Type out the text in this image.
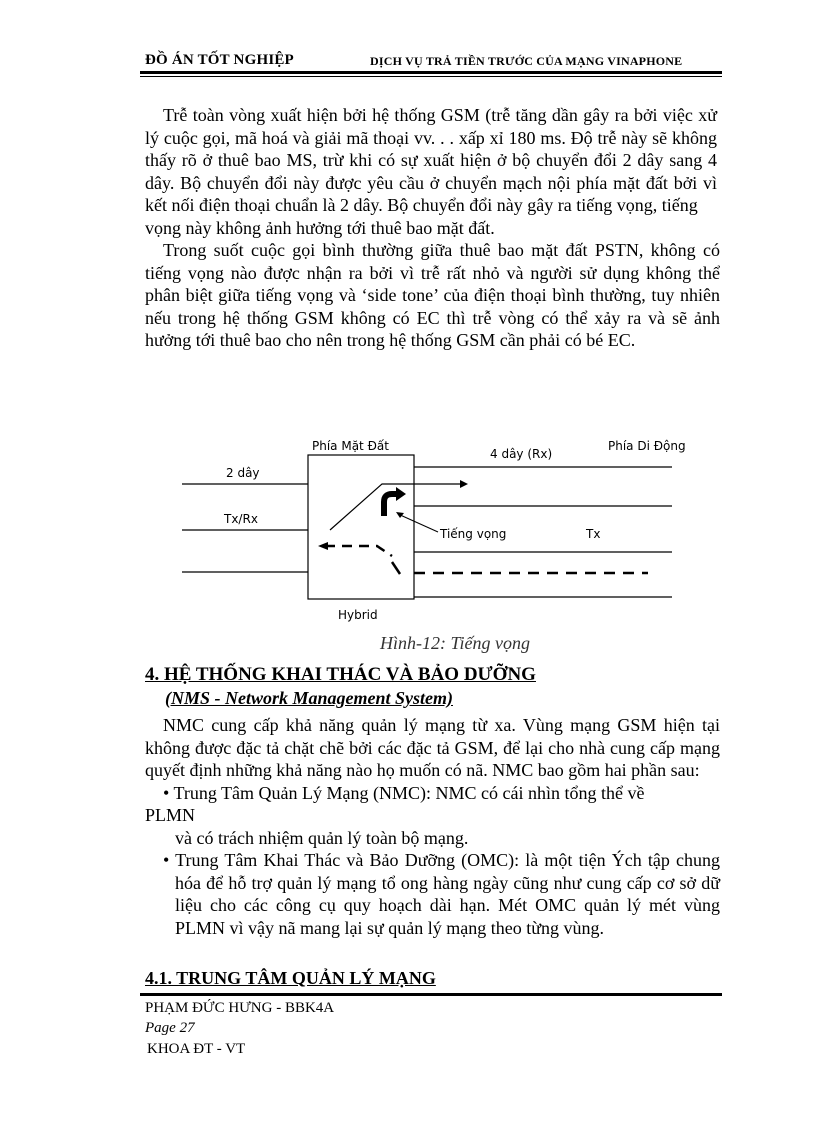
ĐỒ ÁN TỐT NGHIỆP	DỊCH VỤ TRẢ TIỀN TRƯỚC CỦA MẠNG VINAPHONE

Trễ toàn vòng xuất hiện bởi hệ thống GSM (trễ tăng dần gây ra bởi việc xử lý cuộc gọi, mã hoá và giải mã thoại vv. . . xấp xỉ 180 ms. Độ trễ này sẽ không thấy rõ ở thuê bao MS, trừ khi có sự xuất hiện ở bộ chuyển đổi 2 dây sang 4 dây. Bộ chuyển đổi này được yêu cầu ở chuyển mạch nội phía mặt đất bởi vì kết nối điện thoại chuẩn là 2 dây. Bộ chuyển đổi này gây ra tiếng vọng, tiếng

vọng này không ảnh hưởng tới thuê bao mặt đất.

Trong suốt cuộc gọi bình thường giữa thuê bao mặt đất PSTN, không có tiếng vọng nào được nhận ra bởi vì trễ rất nhỏ và người sử dụng không thể phân biệt giữa tiếng vọng và ‘side tone’ của điện thoại bình thường, tuy nhiên nếu trong hệ thống GSM không có EC thì trễ vòng có thể xảy ra và sẽ ảnh hưởng tới thuê bao cho nên trong hệ thống GSM cần phải có bé EC.

Phía Mặt Đất	Phía Di Động
2 dây
4 dây (Rx)
Tx/Rx
Tiếng vọng	Tx
Hybrid
Hình-12: Tiếng vọng
4. HỆ THỐNG KHAI THÁC VÀ BẢO DƯỠNG
(NMS - Network Management System)

NMC cung cấp khả năng quản lý mạng từ xa. Vùng mạng GSM hiện tại không được đặc tả chặt chẽ bởi các đặc tả GSM, để lại cho nhà cung cấp mạng quyết định những khả năng nào họ muốn có nã. NMC bao gồm hai phần sau:

• Trung Tâm Quản Lý Mạng (NMC): NMC có cái nhìn tổng thể về

PLMN

và có trách nhiệm quản lý toàn bộ mạng.

• Trung Tâm Khai Thác và Bảo Dưỡng (OMC): là một tiện Ých tập chung hóa để hỗ trợ quản lý mạng tổ ong hàng ngày cũng như cung cấp cơ sở dữ liệu cho các công cụ quy hoạch dài hạn. Mét OMC quản lý mét vùng PLMN vì vậy nã mang lại sự quản lý mạng theo từng vùng.

4.1. TRUNG TÂM QUẢN LÝ MẠNG
PHẠM ĐỨC HƯNG - BBK4A
Page 27
KHOA ĐT - VT
